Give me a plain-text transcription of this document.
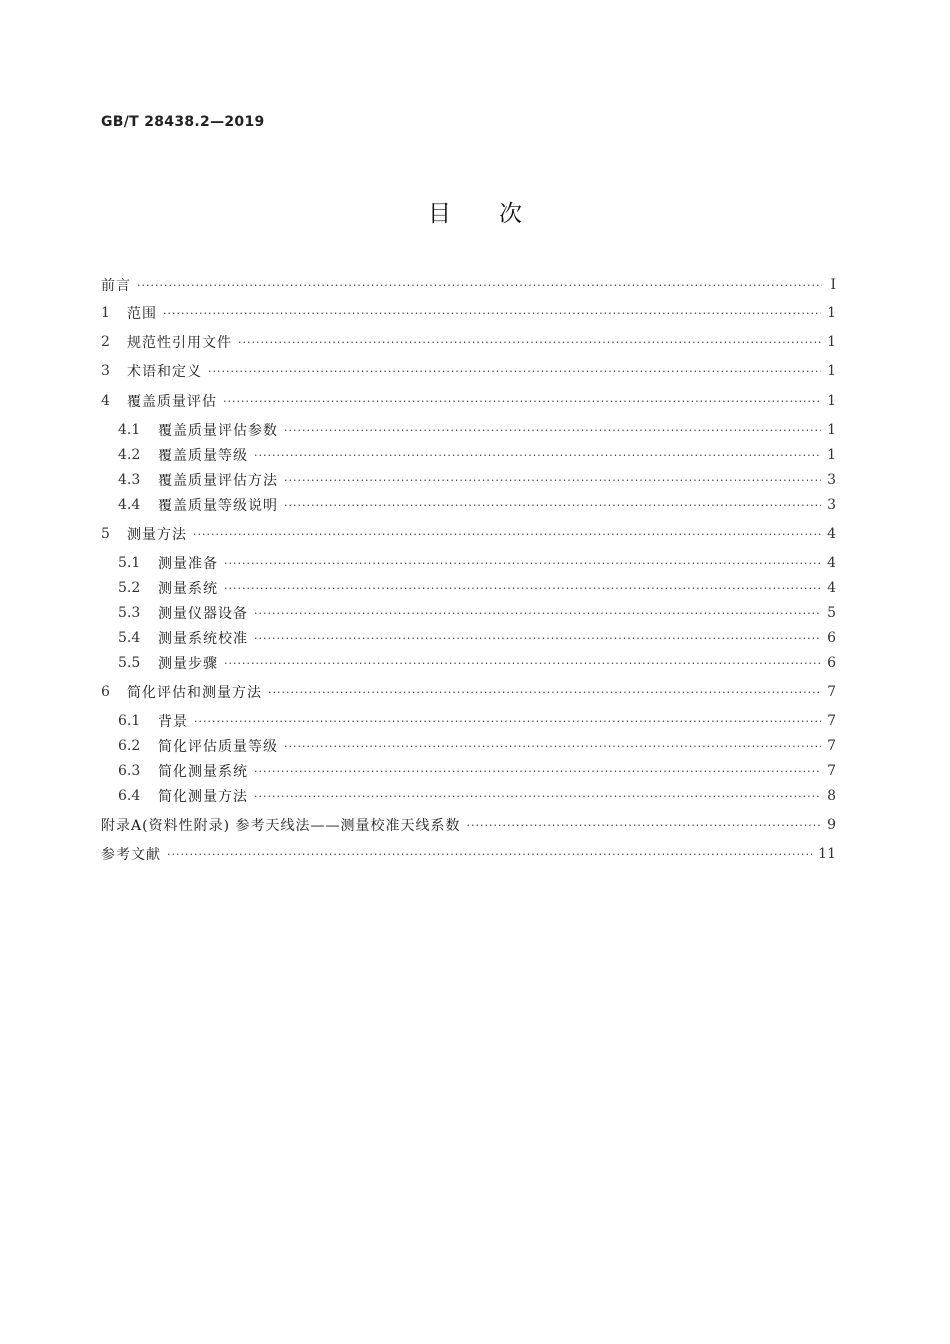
GB/T 28438.2—2019
目次
前言 ·····	I
1	范围 ·····	1
2	规范性引用文件 ·····	1
3	术语和定义 ·····	1
4	覆盖质量评估 ·····	1
4.1	覆盖质量评估参数 ·····	1
4.2	覆盖质量等级 ·····	1
4.3	覆盖质量评估方法 ·····	3
4.4	覆盖质量等级说明 ·····	3
5	测量方法 ·····	4
5.1	测量准备 ·····	4
5.2	测量系统 ·····	4
5.3	测量仪器设备 ·····	5
5.4	测量系统校准 ·····	6
5.5	测量步骤 ·····	6
6	简化评估和测量方法 ·····	7
6.1	背景 ·····	7
6.2	简化评估质量等级 ·····	7
6.3	简化测量系统 ·····	7
6.4	简化测量方法 ·····	8
附录A(资料性附录) 参考天线法——测量校准天线系数 ·····	9
参考文献 ·····	11
